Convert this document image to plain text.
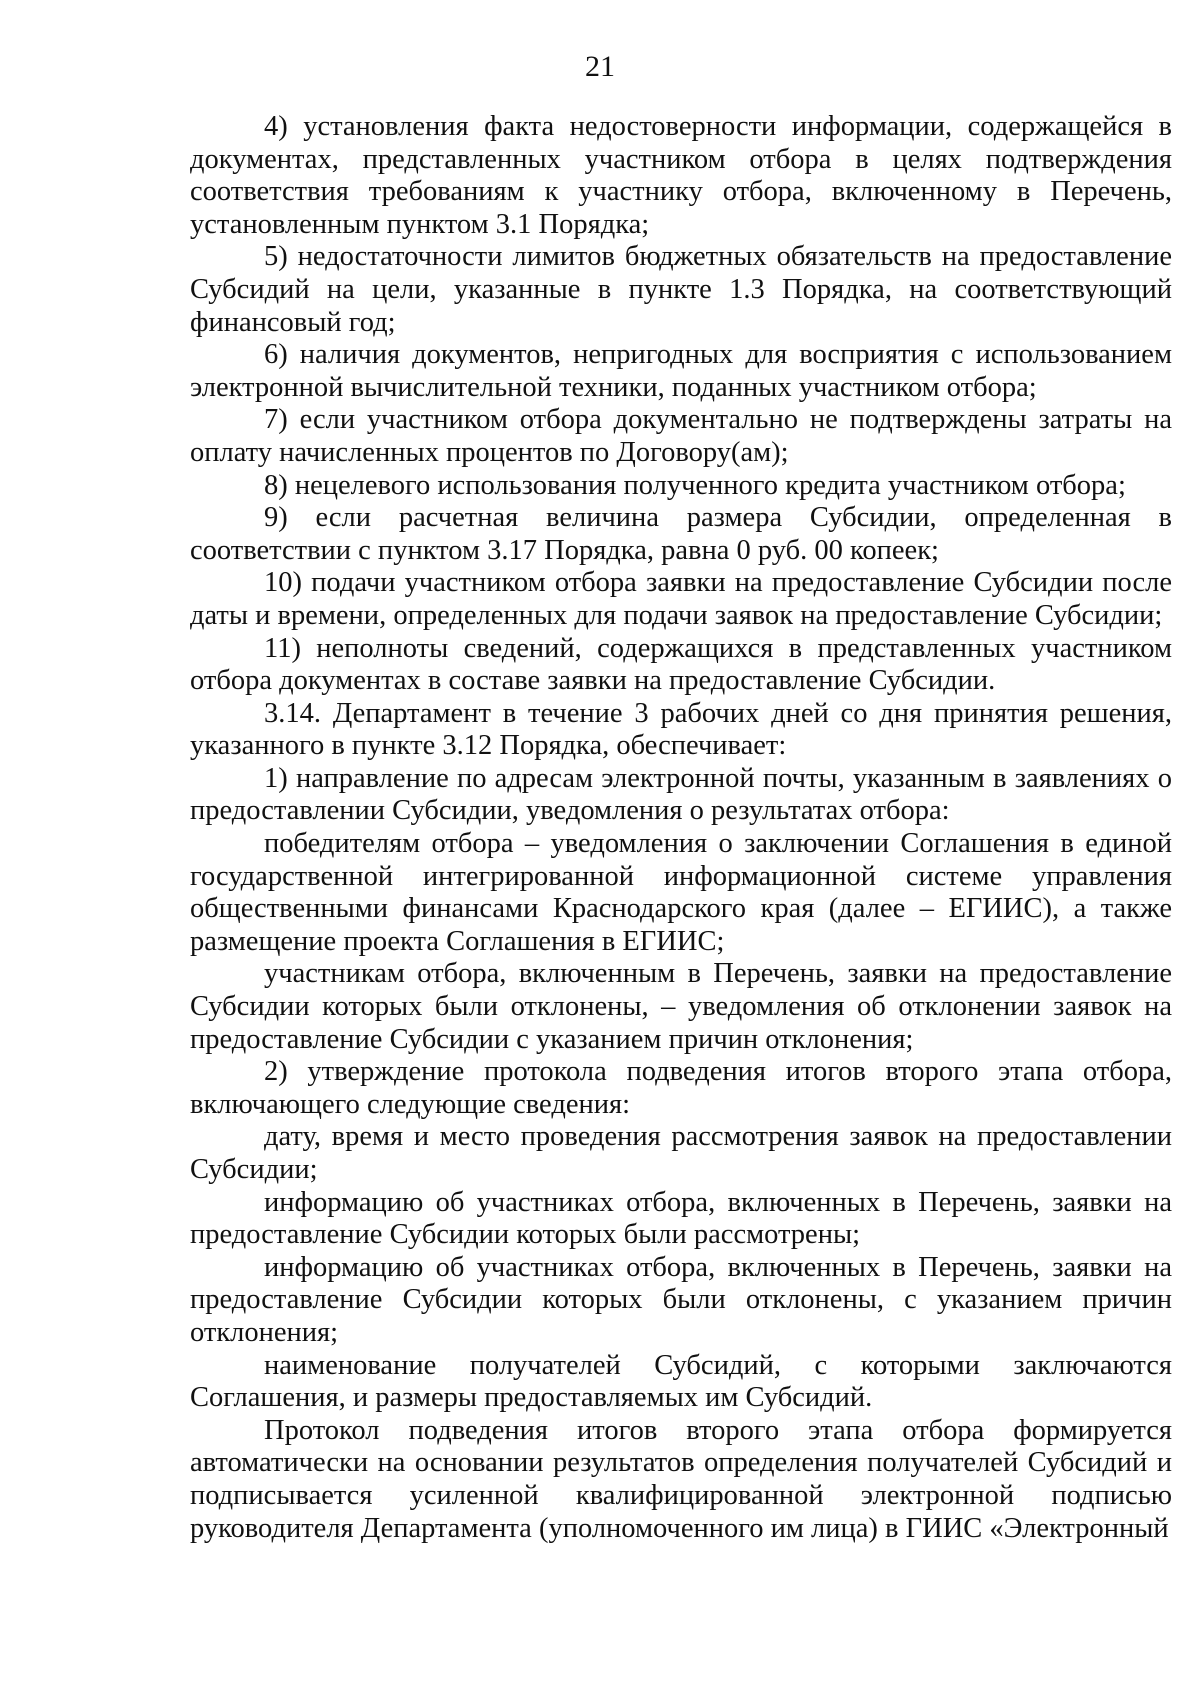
21

4) установления факта недостоверности информации, содержащейся в документах, представленных участником отбора в целях подтверждения соответствия требованиям к участнику отбора, включенному в Перечень, установленным пунктом 3.1 Порядка;

5) недостаточности лимитов бюджетных обязательств на предоставление Субсидий на цели, указанные в пункте 1.3 Порядка, на соответствующий финансовый год;

6) наличия документов, непригодных для восприятия с использованием электронной вычислительной техники, поданных участником отбора;

7) если участником отбора документально не подтверждены затраты на оплату начисленных процентов по Договору(ам);

8) нецелевого использования полученного кредита участником отбора;

9) если расчетная величина размера Субсидии, определенная в соответствии с пунктом 3.17 Порядка, равна 0 руб. 00 копеек;

10) подачи участником отбора заявки на предоставление Субсидии после даты и времени, определенных для подачи заявок на предоставление Субсидии;

11) неполноты сведений, содержащихся в представленных участником отбора документах в составе заявки на предоставление Субсидии.

3.14. Департамент в течение 3 рабочих дней со дня принятия решения, указанного в пункте 3.12 Порядка, обеспечивает:

1) направление по адресам электронной почты, указанным в заявлениях о предоставлении Субсидии, уведомления о результатах отбора:

победителям отбора – уведомления о заключении Соглашения в единой государственной интегрированной информационной системе управления общественными финансами Краснодарского края (далее – ЕГИИС), а также размещение проекта Соглашения в ЕГИИС;

участникам отбора, включенным в Перечень, заявки на предоставление Субсидии которых были отклонены, – уведомления об отклонении заявок на предоставление Субсидии с указанием причин отклонения;

2) утверждение протокола подведения итогов второго этапа отбора, включающего следующие сведения:

дату, время и место проведения рассмотрения заявок на предоставлении Субсидии;

информацию об участниках отбора, включенных в Перечень, заявки на предоставление Субсидии которых были рассмотрены;

информацию об участниках отбора, включенных в Перечень, заявки на предоставление Субсидии которых были отклонены, с указанием причин отклонения;

наименование получателей Субсидий, с которыми заключаются Соглашения, и размеры предоставляемых им Субсидий.

Протокол подведения итогов второго этапа отбора формируется автоматически на основании результатов определения получателей Субсидий и подписывается усиленной квалифицированной электронной подписью руководителя Департамента (уполномоченного им лица) в ГИИС «Электронный
